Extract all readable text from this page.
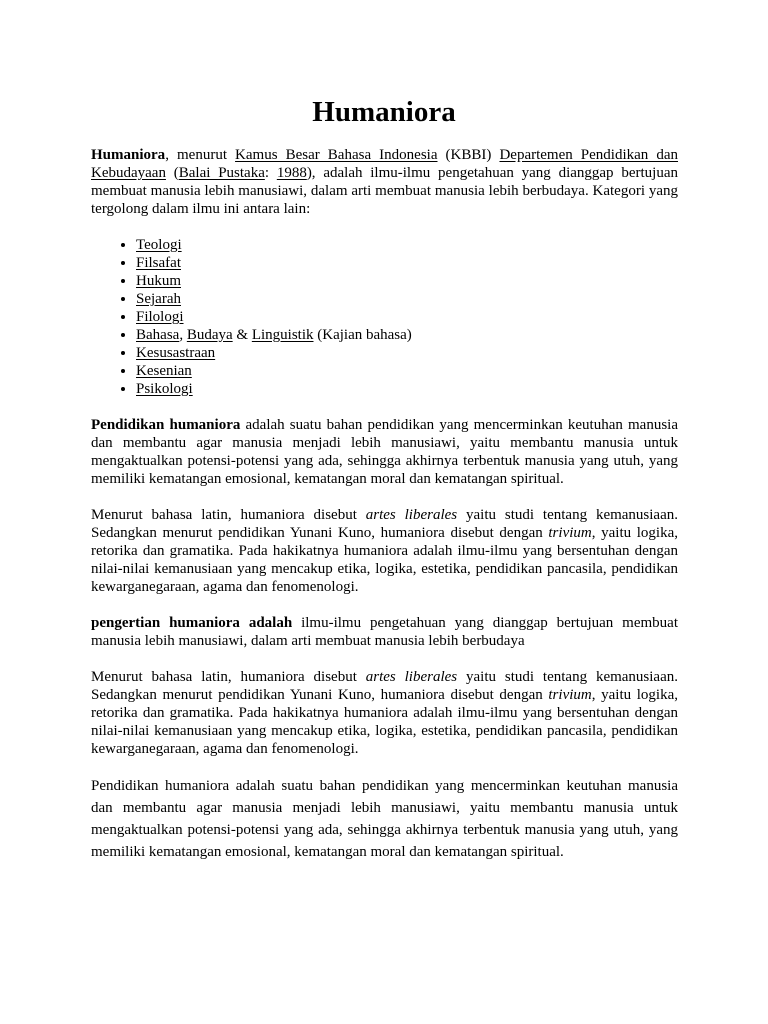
Humaniora

Humaniora, menurut Kamus Besar Bahasa Indonesia (KBBI) Departemen Pendidikan dan Kebudayaan (Balai Pustaka: 1988), adalah ilmu-ilmu pengetahuan yang dianggap bertujuan membuat manusia lebih manusiawi, dalam arti membuat manusia lebih berbudaya. Kategori yang tergolong dalam ilmu ini antara lain:

• Teologi
• Filsafat
• Hukum
• Sejarah
• Filologi
• Bahasa, Budaya & Linguistik (Kajian bahasa)
• Kesusastraan
• Kesenian
• Psikologi

Pendidikan humaniora adalah suatu bahan pendidikan yang mencerminkan keutuhan manusia dan membantu agar manusia menjadi lebih manusiawi, yaitu membantu manusia untuk mengaktualkan potensi-potensi yang ada, sehingga akhirnya terbentuk manusia yang utuh, yang memiliki kematangan emosional, kematangan moral dan kematangan spiritual.

Menurut bahasa latin, humaniora disebut artes liberales yaitu studi tentang kemanusiaan. Sedangkan menurut pendidikan Yunani Kuno, humaniora disebut dengan trivium, yaitu logika, retorika dan gramatika. Pada hakikatnya humaniora adalah ilmu-ilmu yang bersentuhan dengan nilai-nilai kemanusiaan yang mencakup etika, logika, estetika, pendidikan pancasila, pendidikan kewarganegaraan, agama dan fenomenologi.

pengertian humaniora adalah ilmu-ilmu pengetahuan yang dianggap bertujuan membuat manusia lebih manusiawi, dalam arti membuat manusia lebih berbudaya

Menurut bahasa latin, humaniora disebut artes liberales yaitu studi tentang kemanusiaan. Sedangkan menurut pendidikan Yunani Kuno, humaniora disebut dengan trivium, yaitu logika, retorika dan gramatika. Pada hakikatnya humaniora adalah ilmu-ilmu yang bersentuhan dengan nilai-nilai kemanusiaan yang mencakup etika, logika, estetika, pendidikan pancasila, pendidikan kewarganegaraan, agama dan fenomenologi.

Pendidikan humaniora adalah suatu bahan pendidikan yang mencerminkan keutuhan manusia dan membantu agar manusia menjadi lebih manusiawi, yaitu membantu manusia untuk mengaktualkan potensi-potensi yang ada, sehingga akhirnya terbentuk manusia yang utuh, yang memiliki kematangan emosional, kematangan moral dan kematangan spiritual.
